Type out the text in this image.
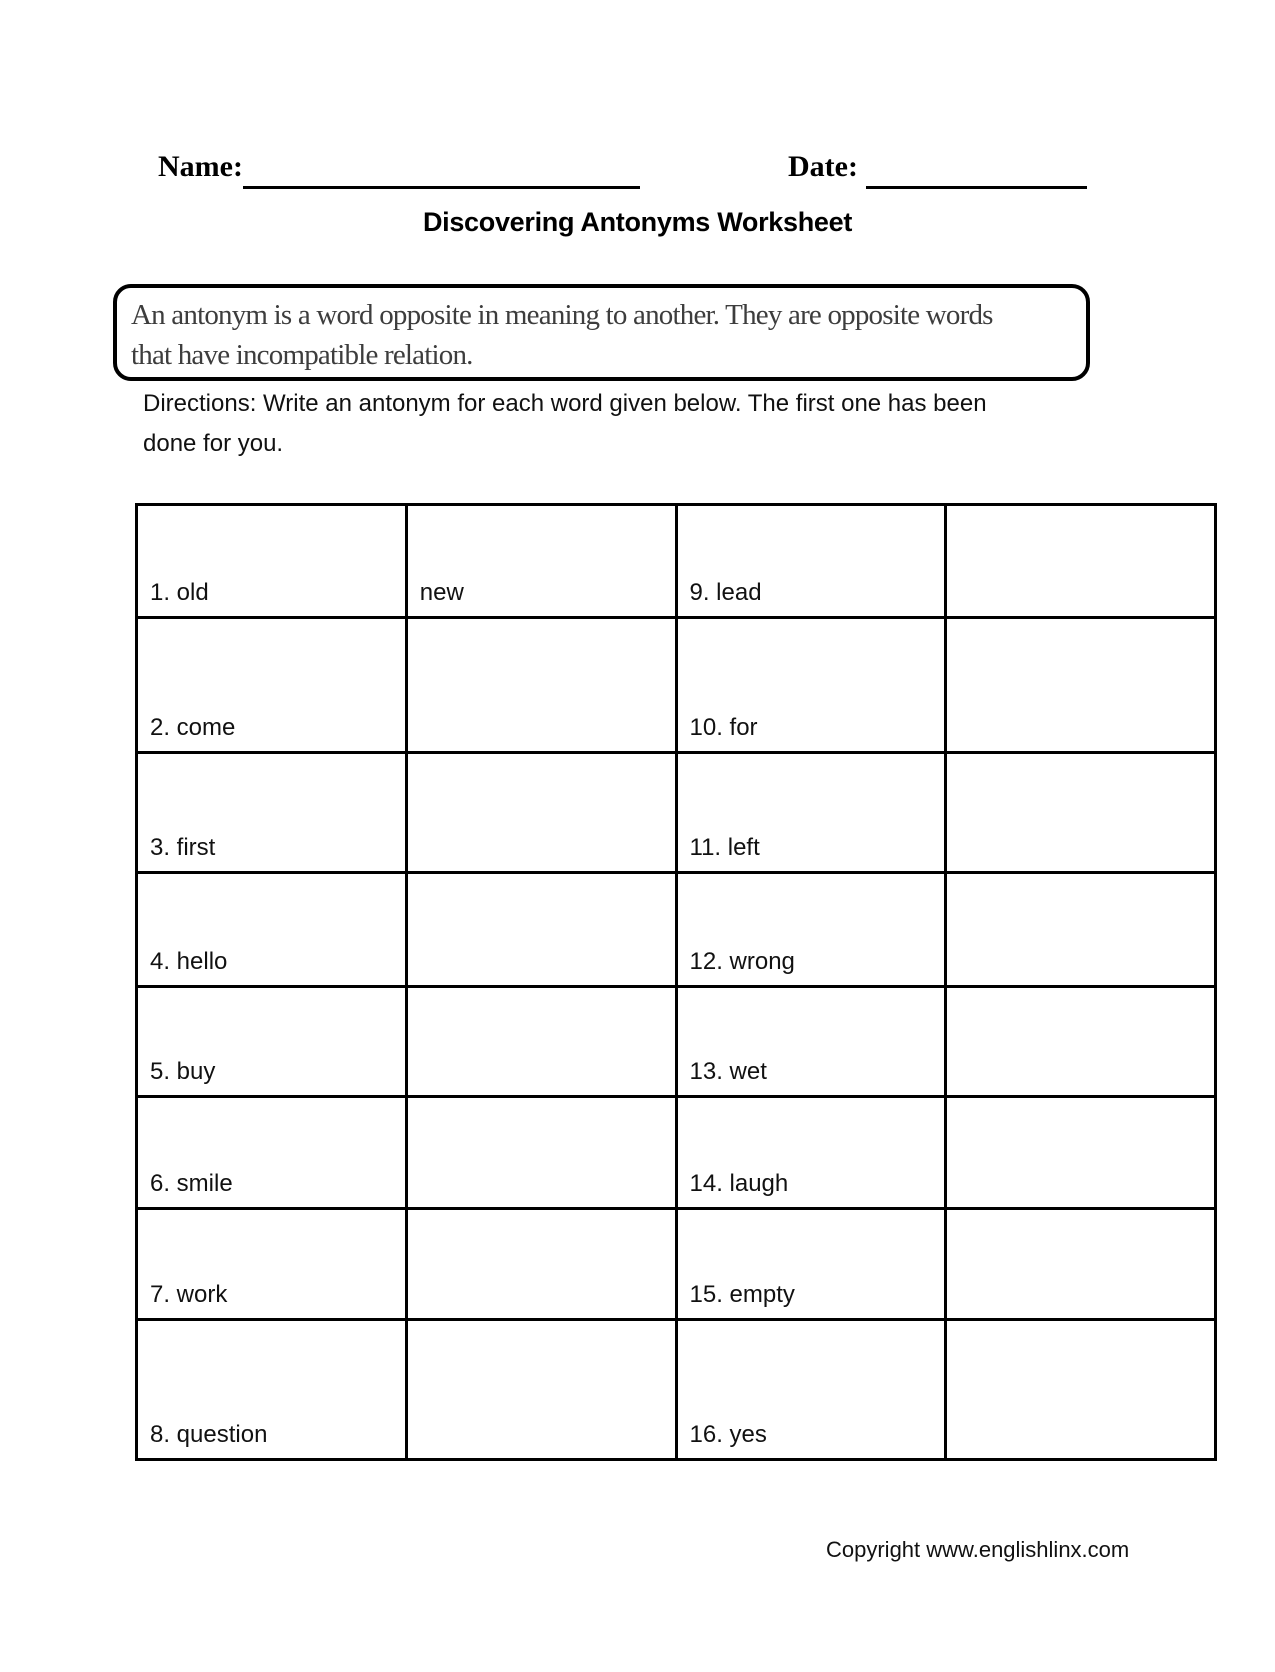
Name:	Date:
Discovering Antonyms Worksheet
An antonym is a word opposite in meaning to another. They are opposite words
that have incompatible relation.
Directions: Write an antonym for each word given below. The first one has been
done for you.
1. old	new	9. lead	
2. come		10. for	
3. first		11. left	
4. hello		12. wrong	
5. buy		13. wet	
6. smile		14. laugh	
7. work		15. empty	
8. question		16. yes	
Copyright www.englishlinx.com
